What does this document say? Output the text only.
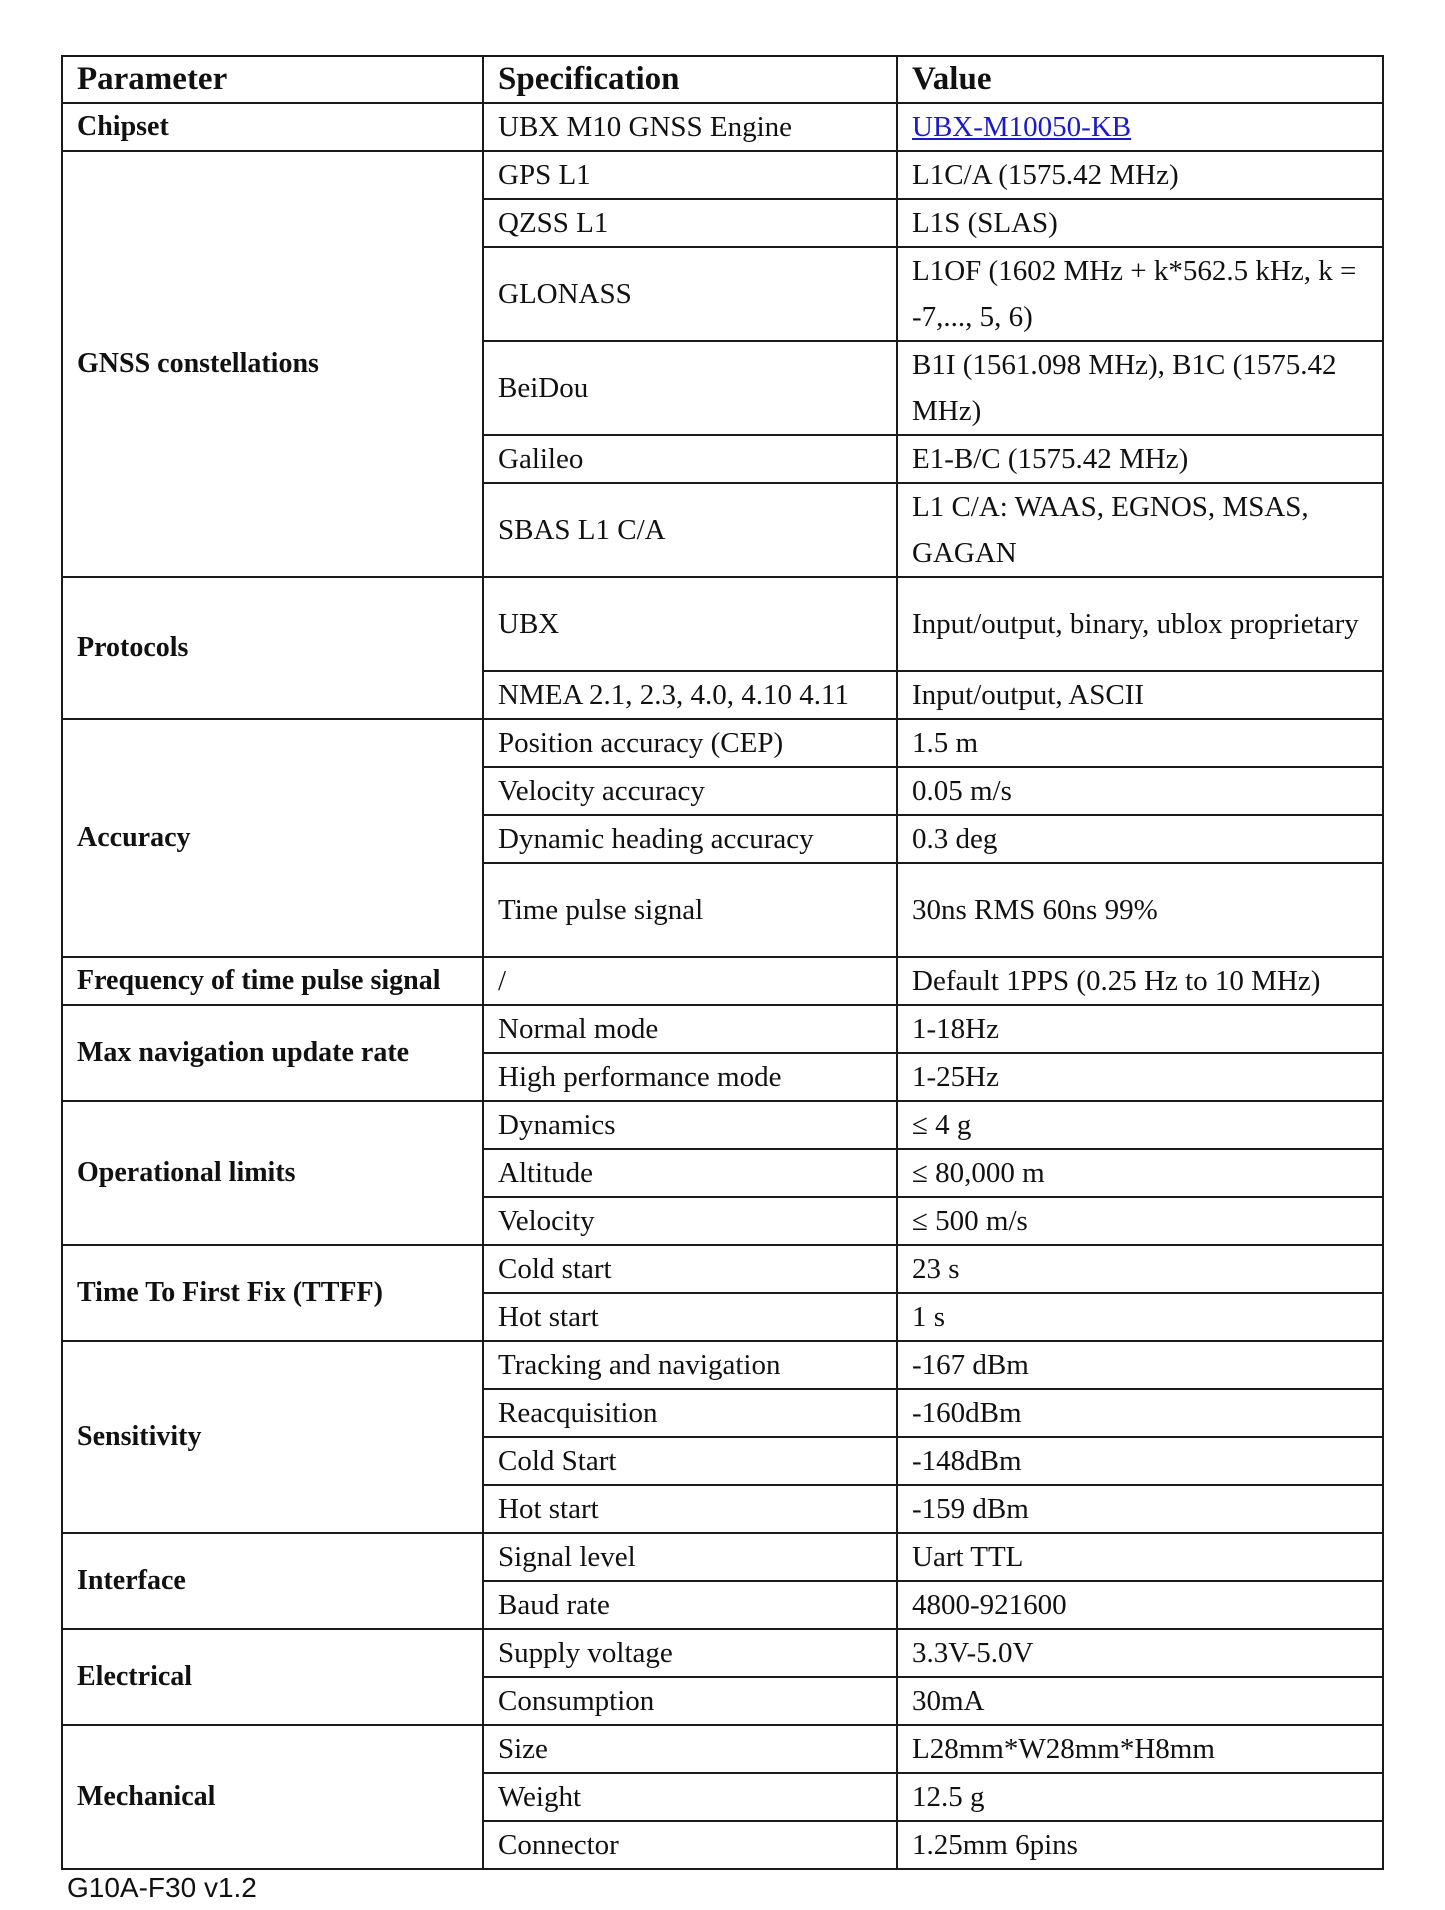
Parameter	Specification	Value
Chipset	UBX M10 GNSS Engine	UBX-M10050-KB
GNSS constellations	GPS L1	L1C/A (1575.42 MHz)
	QZSS L1	L1S (SLAS)
	GLONASS	L1OF (1602 MHz + k*562.5 kHz, k = -7,..., 5, 6)
	BeiDou	B1I (1561.098 MHz), B1C (1575.42 MHz)
	Galileo	E1-B/C (1575.42 MHz)
	SBAS L1 C/A	L1 C/A: WAAS, EGNOS, MSAS, GAGAN
Protocols	UBX	Input/output, binary, ublox proprietary
	NMEA 2.1, 2.3, 4.0, 4.10 4.11	Input/output, ASCII
Accuracy	Position accuracy (CEP)	1.5 m
	Velocity accuracy	0.05 m/s
	Dynamic heading accuracy	0.3 deg
	Time pulse signal	30ns RMS 60ns 99%
Frequency of time pulse signal	/	Default 1PPS (0.25 Hz to 10 MHz)
Max navigation update rate	Normal mode	1-18Hz
	High performance mode	1-25Hz
Operational limits	Dynamics	≤ 4 g
	Altitude	≤ 80,000 m
	Velocity	≤ 500 m/s
Time To First Fix (TTFF)	Cold start	23 s
	Hot start	1 s
Sensitivity	Tracking and navigation	-167 dBm
	Reacquisition	-160dBm
	Cold Start	-148dBm
	Hot start	-159 dBm
Interface	Signal level	Uart TTL
	Baud rate	4800-921600
Electrical	Supply voltage	3.3V-5.0V
	Consumption	30mA
Mechanical	Size	L28mm*W28mm*H8mm
	Weight	12.5 g
	Connector	1.25mm 6pins
G10A-F30 v1.2
